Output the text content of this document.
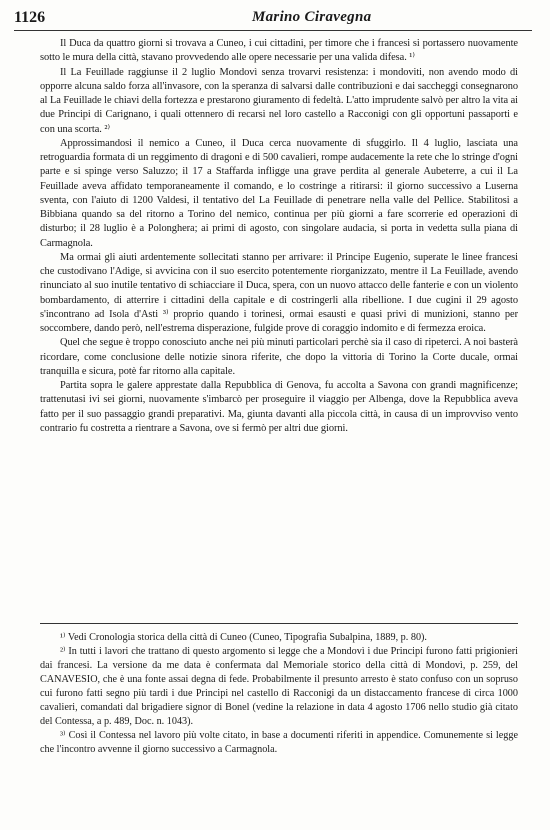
1126	Marino Ciravegna

Il Duca da quattro giorni si trovava a Cuneo, i cui cittadini, per timore che i francesi si portassero nuovamente sotto le mura della città, stavano provvedendo alle opere necessarie per una valida difesa. ¹⁾

Il La Feuillade raggiunse il 2 luglio Mondovì senza trovarvi resistenza: i mondoviti, non avendo modo di opporre alcuna saldo forza all'invasore, con la speranza di salvarsi dalle contribuzioni e dai saccheggi consegnarono al La Feuillade le chiavi della fortezza e prestarono giuramento di fedeltà. L'atto imprudente salvò per altro la vita ai due Principi di Carignano, i quali ottennero di recarsi nel loro castello a Racconigi con gli opportuni passaporti e con una scorta. ²⁾

Approssimandosi il nemico a Cuneo, il Duca cerca nuovamente di sfuggirlo. Il 4 luglio, lasciata una retroguardia formata di un reggimento di dragoni e di 500 cavalieri, rompe audacemente la rete che lo stringe d'ogni parte e si spinge verso Saluzzo; il 17 a Staffarda infligge una grave perdita al generale Aubeterre, a cui il La Feuillade aveva affidato temporaneamente il comando, e lo costringe a ritirarsi: il giorno successivo a Luserna sventa, con l'aiuto di 1200 Valdesi, il tentativo del La Feuillade di penetrare nella valle del Pellice. Stabilitosi a Bibbiana quando sa del ritorno a Torino del nemico, continua per più giorni a fare scorrerie ed operazioni di disturbo; il 28 luglio è a Polonghera; ai primi di agosto, con singolare audacia, si porta in vedetta sulla piana di Carmagnola.

Ma ormai gli aiuti ardentemente sollecitati stanno per arrivare: il Principe Eugenio, superate le linee francesi che custodivano l'Adige, si avvicina con il suo esercito potentemente riorganizzato, mentre il La Feuillade, avendo rinunciato al suo inutile tentativo di schiacciare il Duca, spera, con un nuovo attacco delle fanterie e con un violento bombardamento, di atterrire i cittadini della capitale e di costringerli alla ribellione. I due cugini il 29 agosto s'incontrano ad Isola d'Asti ³⁾ proprio quando i torinesi, ormai esausti e quasi privi di munizioni, stanno per soccombere, dando però, nell'estrema disperazione, fulgide prove di coraggio indomito e di fermezza eroica.

Quel che segue è troppo conosciuto anche nei più minuti particolari perchè sia il caso di ripeterci. A noi basterà ricordare, come conclusione delle notizie sinora riferite, che dopo la vittoria di Torino la Corte ducale, ormai tranquilla e sicura, potè far ritorno alla capitale.

Partita sopra le galere apprestate dalla Repubblica di Genova, fu accolta a Savona con grandi magnificenze; trattenutasi ivi sei giorni, nuovamente s'imbarcò per proseguire il viaggio per Albenga, dove la Repubblica aveva fatto per il suo passaggio grandi preparativi. Ma, giunta davanti alla piccola città, in causa di un improvviso vento contrario fu costretta a rientrare a Savona, ove si fermò per altri due giorni.

¹⁾ Vedi Cronologia storica della città di Cuneo (Cuneo, Tipografia Subalpina, 1889, p. 80).

²⁾ In tutti i lavori che trattano di questo argomento si legge che a Mondovì i due Principi furono fatti prigionieri dai francesi. La versione da me data è confermata dal Memoriale storico della città di Mondovì, p. 259, del CANAVESIO, che è una fonte assai degna di fede. Probabilmente il presunto arresto è stato confuso con un sopruso cui furono fatti segno più tardi i due Principi nel castello di Racconigi da un distaccamento francese di circa 1000 cavalieri, comandati dal brigadiere signor di Bonel (vedine la relazione in data 4 agosto 1706 nello studio già citato del Contessa, a p. 489, Doc. n. 1043).

³⁾ Così il Contessa nel lavoro più volte citato, in base a documenti riferiti in appendice. Comunemente si legge che l'incontro avvenne il giorno successivo a Carmagnola.
